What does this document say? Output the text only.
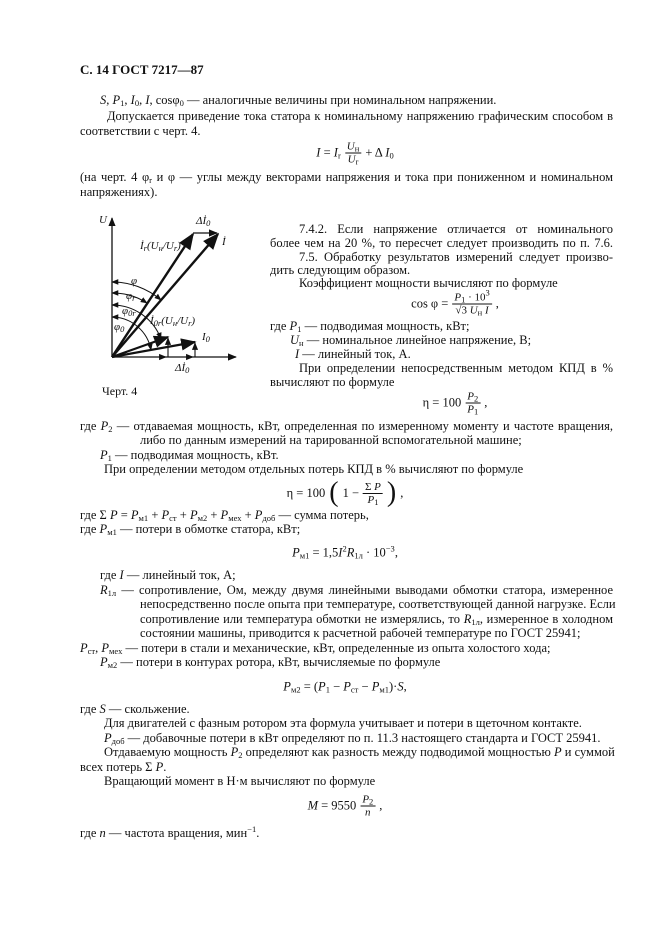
С. 14 ГОСТ 7217—87
S, $P_1$, $I_0$, I, cosφ$_0$ — аналогичные величины при номинальном напряжении.
Допускается приведение тока статора к номинальному напряжению графическим способом в
соответствии с черт. 4.
$I = I_r \frac{U_н}{U_r} + \Delta$ $I_0$
(на черт. 4 $\varphi_r$ и φ — углы между векторами напряжения и тока при пониженном и номинальном
напряжениях).
7.4.2. Если напряжение отличается от номинального
более чем на 20 %, то пересчет следует производить по п. 7.6.
7.5. Обработку результатов измерений следует произво-
дить следующим образом.
Коэффициент мощности вычисляют по формуле
$\cos \varphi = \frac{P_1 \cdot 10^3}{√3 U_н I}$ ,
где $P_1$ — подводимая мощность, кВт;
$U_н$ — номинальное линейное напряжение, В;
I — линейный ток, А.
При определении непосредственным методом КПД в %
вычисляют по формуле
$\eta = 100 \frac{P_2}{P_1}$ ,
U
$İ_r(U_н/U_r)$
$\Delta İ_0$
İ
φ
$\varphi_r$
$\varphi_{0r}$
$\varphi_0$
$İ_{0r}(U_н/U_r)$
$I_0$
$\Delta İ_0$
Черт. 4
где $P_2$ — отдаваемая мощность, кВт, определенная по измеренному моменту и частоте вращения,
либо по данным измерений на тарированной вспомогательной машине;
$P_1$ — подводимая мощность, кВт.
При определении методом отдельных потерь КПД в % вычисляют по формуле
η = 100 ( $1 - \frac{\text{Σ P}}{P_1}$ ) ,
где Σ $P = P_{м1} + P_{ст} + P_{м2} + P_{мех} + P_{доб}$ — сумма потерь,
где $P_{м1}$ — потери в обмотке статора, кВт;
$P_{м1} = 1,5I^2R_{1л} \cdot 10^{-3}$,
где I — линейный ток, А;
$R_{1л}$ — сопротивление, Ом, между двумя линейными выводами обмотки статора, измеренное
непосредственно после опыта при температуре, соответствующей данной нагрузке. Если
сопротивление или температура обмотки не измерялись, то $R_{1л}$, измеренное в холодном
состоянии машины, приводится к расчетной рабочей температуре по ГОСТ 25941;
$P_{ст}$, $P_{мех}$ — потери в стали и механические, кВт, определенные из опыта холостого хода;
$P_{м2}$ — потери в контурах ротора, кВт, вычисляемые по формуле
$P_{м2} = (P_1 - P_{ст} - P_{м1})\cdot S$,
где S — скольжение.
Для двигателей с фазным ротором эта формула учитывает и потери в щеточном контакте.
$P_{доб}$ — добавочные потери в кВт определяют по п. 11.3 настоящего стандарта и ГОСТ 25941.
Отдаваемую мощность $P_2$ определяют как разность между подводимой мощностью P и суммой
всех потерь Σ P.
Вращающий момент в Н·м вычисляют по формуле
$M = 9550 \frac{P_2}{n}$ ,
где n — частота вращения, мин$^{-1}$.
